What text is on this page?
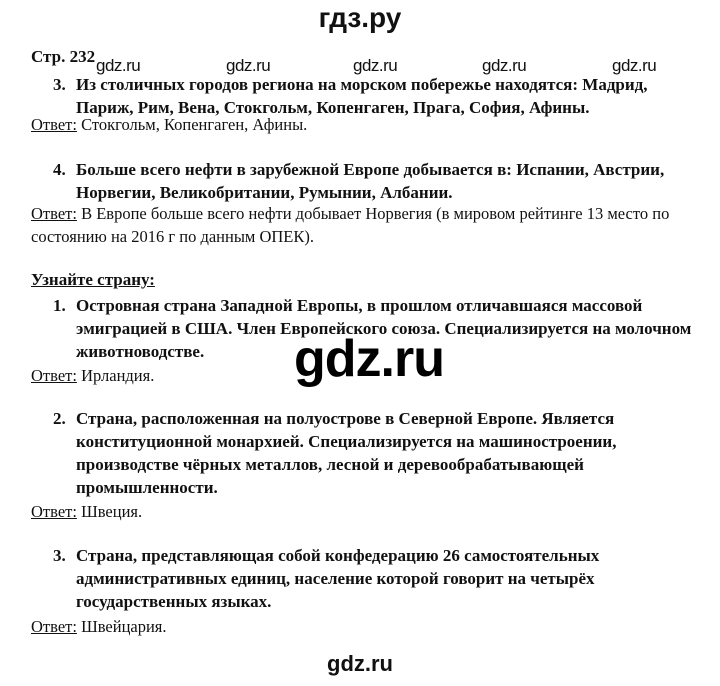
гдз.ру
Стр. 232 gdz.ru	gdz.ru	gdz.ru	gdz.ru	gdz.ru
3. Из столичных городов региона на морском побережье находятся: Мадрид, Париж, Рим, Вена, Стокгольм, Копенгаген, Прага, София, Афины.
Ответ: Стокгольм, Копенгаген, Афины.
4. Больше всего нефти в зарубежной Европе добывается в: Испании, Австрии, Норвегии, Великобритании, Румынии, Албании.
Ответ: В Европе больше всего нефти добывает Норвегия (в мировом рейтинге 13 место по состоянию на 2016 г по данным ОПЕК).
Узнайте страну:
1. Островная страна Западной Европы, в прошлом отличавшаяся массовой эмиграцией в США. Член Европейского союза. Специализируется на молочном животноводстве.
Ответ: Ирландия.	gdz.ru
2. Страна, расположенная на полуострове в Северной Европе. Является конституционной монархией. Специализируется на машиностроении, производстве чёрных металлов, лесной и деревообрабатывающей промышленности.
Ответ: Швеция.
3. Страна, представляющая собой конфедерацию 26 самостоятельных административных единиц, население которой говорит на четырёх государственных языках.
Ответ: Швейцария.
gdz.ru
